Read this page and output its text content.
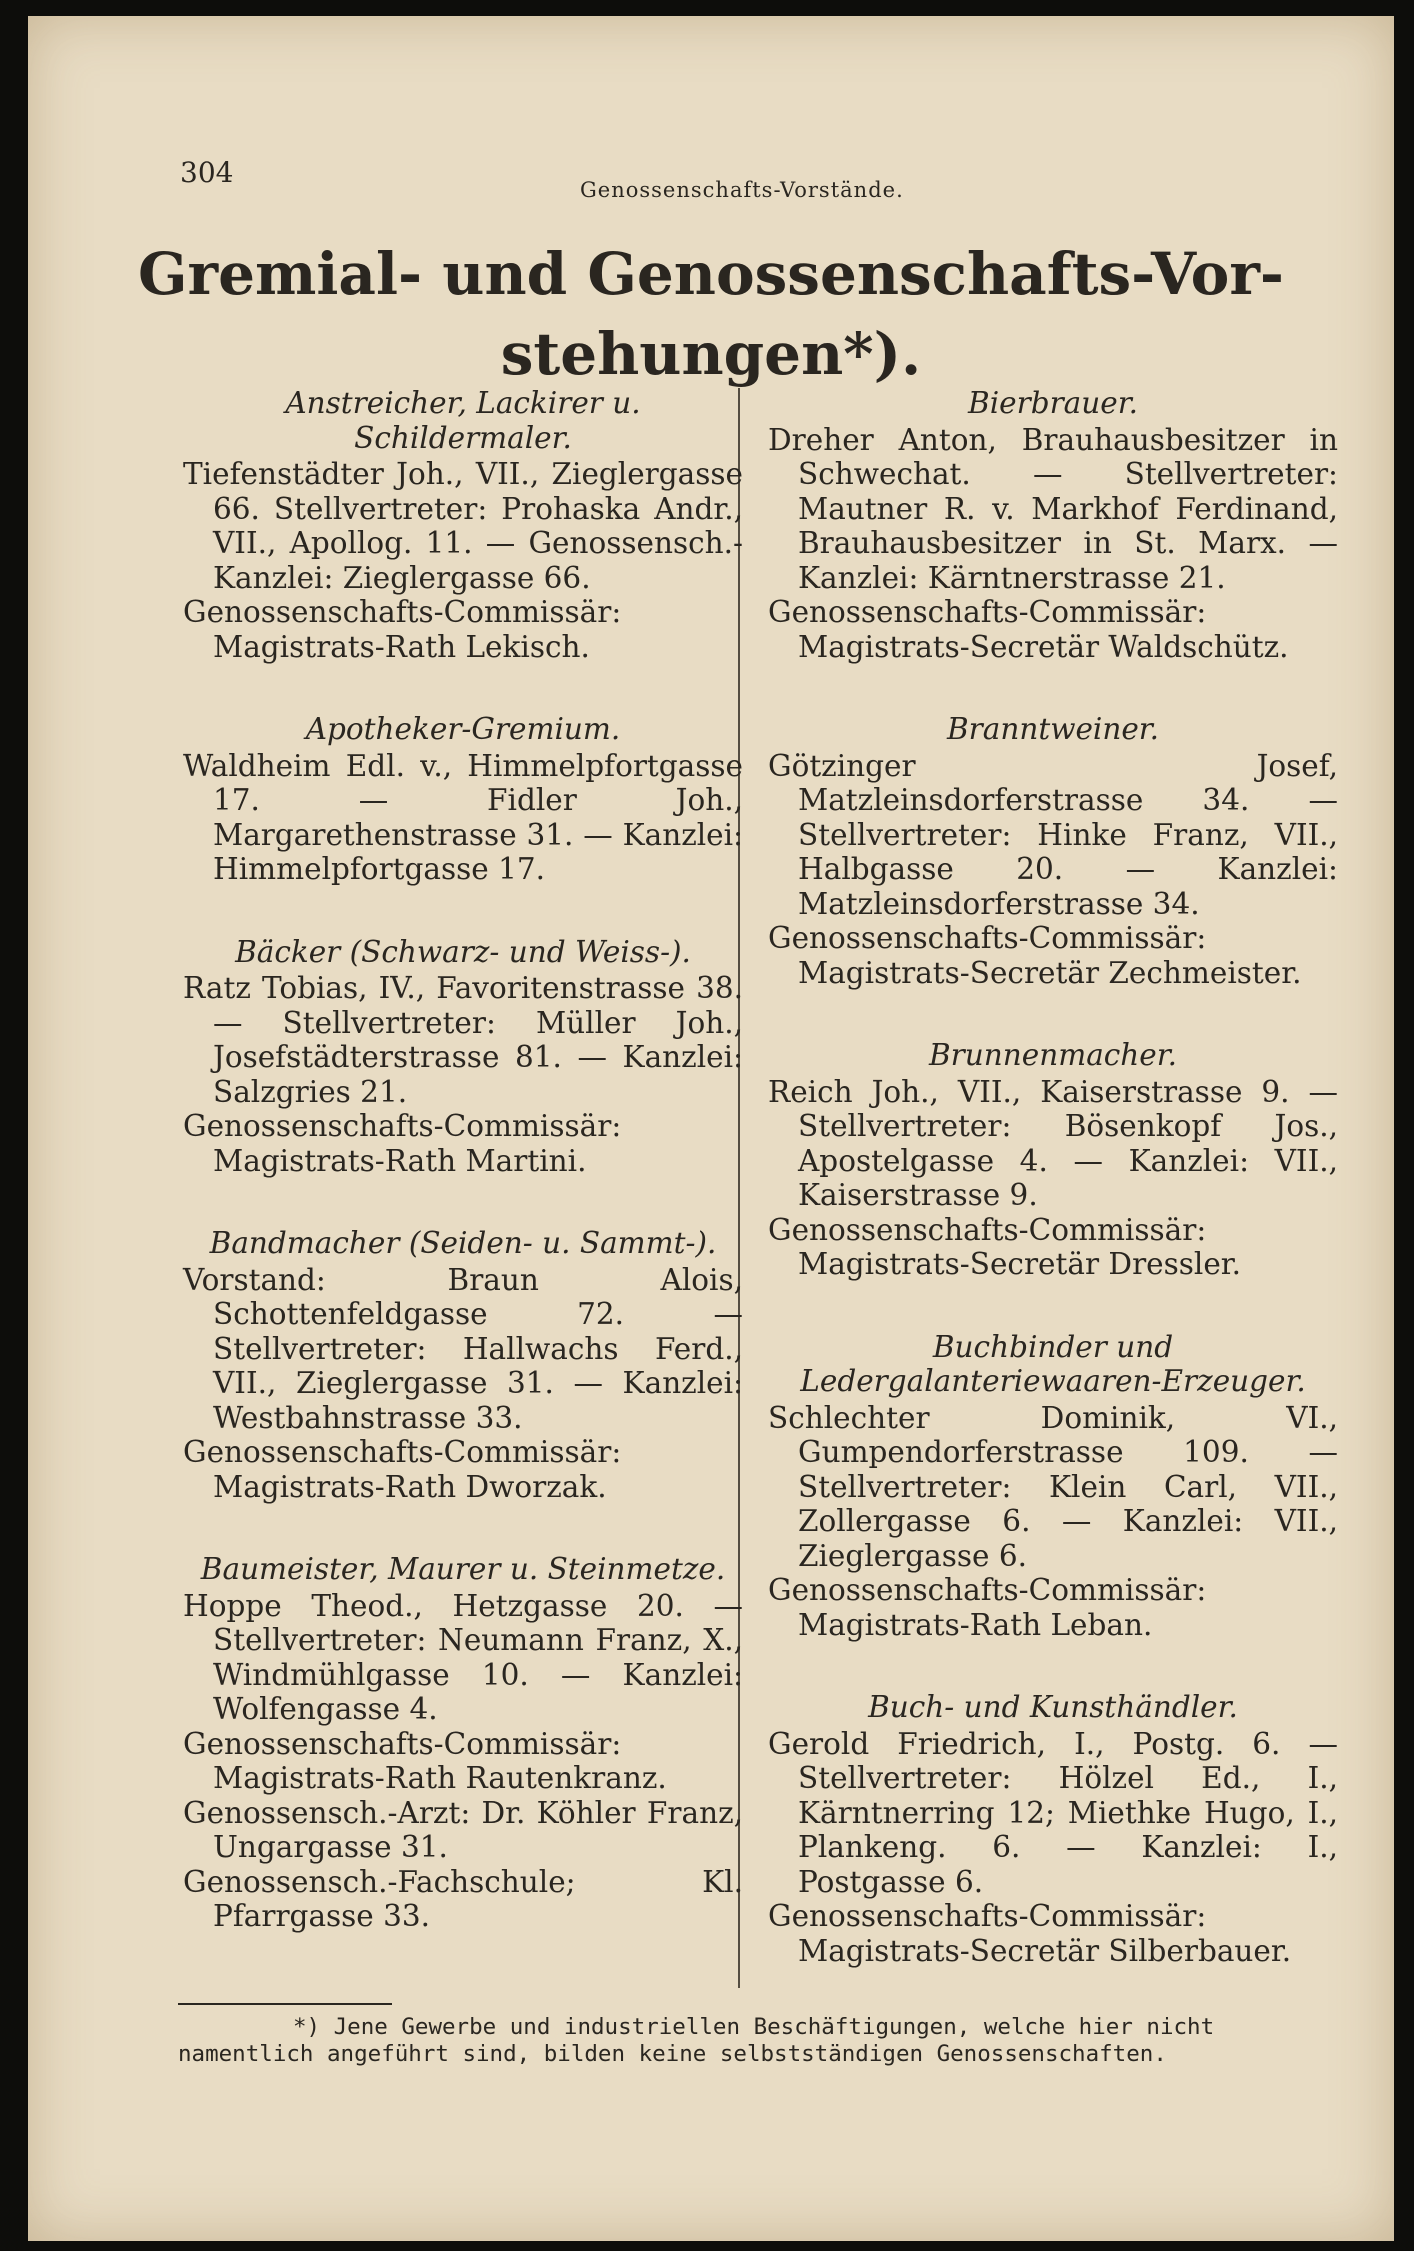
304
Genossenschafts-Vorstände.
Gremial- und Genossenschafts-Vor-
stehungen*).
Anstreicher, Lackirer u. Schildermaler.
Tiefenstädter Joh., VII., Zieglergasse 66. Stellvertreter: Prohaska Andr., VII., Apollog. 11. — Genossensch.-Kanzlei: Zieglergasse 66.
Genossenschafts-Commissär: Magistrats-Rath Lekisch.
Apotheker-Gremium.
Waldheim Edl. v., Himmelpfortgasse 17. — Fidler Joh., Margarethenstrasse 31. — Kanzlei: Himmelpfortgasse 17.
Bäcker (Schwarz- und Weiss-).
Ratz Tobias, IV., Favoritenstrasse 38. — Stellvertreter: Müller Joh., Josefstädterstrasse 81. — Kanzlei: Salzgries 21.
Genossenschafts-Commissär: Magistrats-Rath Martini.
Bandmacher (Seiden- u. Sammt-).
Vorstand: Braun Alois, Schottenfeldgasse 72. — Stellvertreter: Hallwachs Ferd., VII., Zieglergasse 31. — Kanzlei: Westbahnstrasse 33.
Genossenschafts-Commissär: Magistrats-Rath Dworzak.
Baumeister, Maurer u. Steinmetze.
Hoppe Theod., Hetzgasse 20. — Stellvertreter: Neumann Franz, X., Windmühlgasse 10. — Kanzlei: Wolfengasse 4.
Genossenschafts-Commissär: Magistrats-Rath Rautenkranz.
Genossensch.-Arzt: Dr. Köhler Franz, Ungargasse 31.
Genossensch.-Fachschule; Kl. Pfarrgasse 33.
Bierbrauer.
Dreher Anton, Brauhausbesitzer in Schwechat. — Stellvertreter: Mautner R. v. Markhof Ferdinand, Brauhausbesitzer in St. Marx. — Kanzlei: Kärntnerstrasse 21.
Genossenschafts-Commissär: Magistrats-Secretär Waldschütz.
Branntweiner.
Götzinger Josef, Matzleinsdorferstrasse 34. — Stellvertreter: Hinke Franz, VII., Halbgasse 20. — Kanzlei: Matzleinsdorferstrasse 34.
Genossenschafts-Commissär: Magistrats-Secretär Zechmeister.
Brunnenmacher.
Reich Joh., VII., Kaiserstrasse 9. — Stellvertreter: Bösenkopf Jos., Apostelgasse 4. — Kanzlei: VII., Kaiserstrasse 9.
Genossenschafts-Commissär: Magistrats-Secretär Dressler.
Buchbinder und Ledergalanteriewaaren-Erzeuger.
Schlechter Dominik, VI., Gumpendorferstrasse 109. — Stellvertreter: Klein Carl, VII., Zollergasse 6. — Kanzlei: VII., Zieglergasse 6.
Genossenschafts-Commissär: Magistrats-Rath Leban.
Buch- und Kunsthändler.
Gerold Friedrich, I., Postg. 6. — Stellvertreter: Hölzel Ed., I., Kärntnerring 12; Miethke Hugo, I., Plankeng. 6. — Kanzlei: I., Postgasse 6.
Genossenschafts-Commissär: Magistrats-Secretär Silberbauer.
*) Jene Gewerbe und industriellen Beschäftigungen, welche hier nicht namentlich angeführt sind, bilden keine selbstständigen Genossenschaften.
